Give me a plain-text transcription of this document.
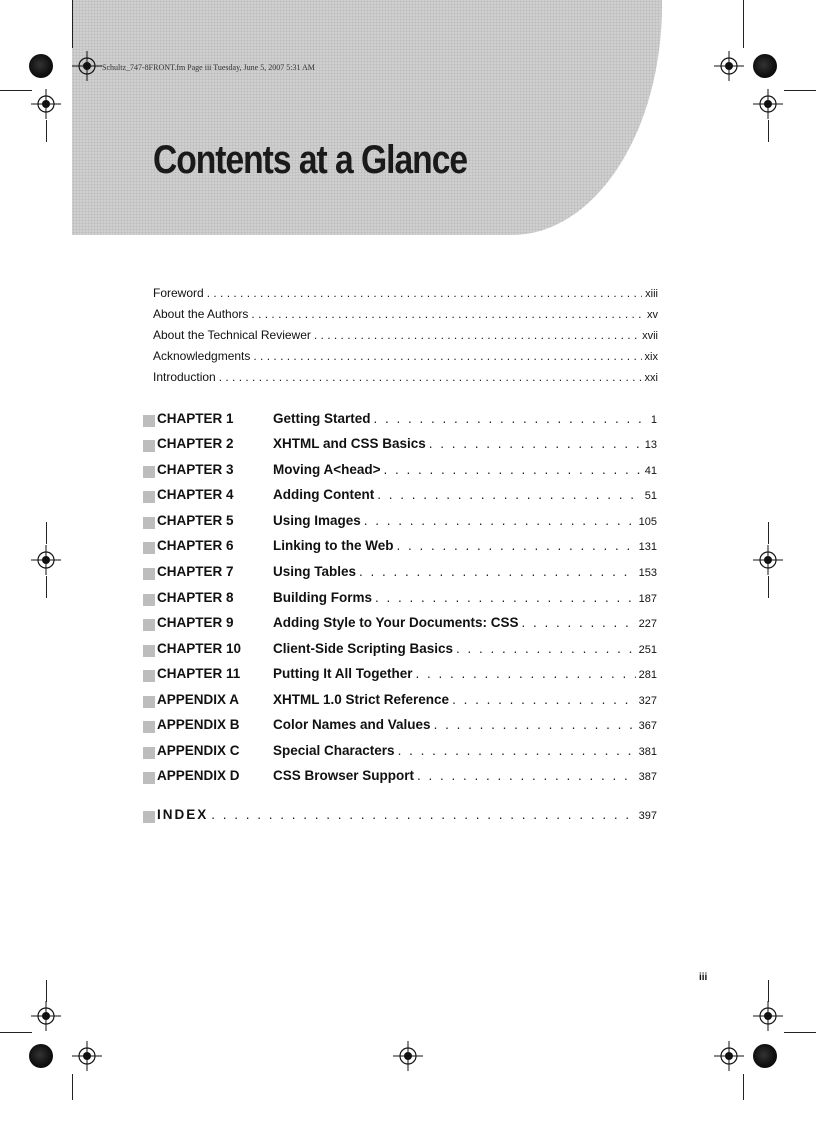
Schultz_747-8FRONT.fm Page iii Tuesday, June 5, 2007 5:31 AM
Contents at a Glance
Foreword . . .	xiii
About the Authors . . .	xv
About the Technical Reviewer . . .	xvii
Acknowledgments . . .	xix
Introduction . . .	xxi
CHAPTER 1	Getting Started . . .	1
CHAPTER 2	XHTML and CSS Basics . . .	13
CHAPTER 3	Moving A<head> . . .	41
CHAPTER 4	Adding Content . . .	51
CHAPTER 5	Using Images . . .	105
CHAPTER 6	Linking to the Web . . .	131
CHAPTER 7	Using Tables . . .	153
CHAPTER 8	Building Forms . . .	187
CHAPTER 9	Adding Style to Your Documents: CSS . . .	227
CHAPTER 10	Client-Side Scripting Basics . . .	251
CHAPTER 11	Putting It All Together . . .	281
APPENDIX A	XHTML 1.0 Strict Reference . . .	327
APPENDIX B	Color Names and Values . . .	367
APPENDIX C	Special Characters . . .	381
APPENDIX D	CSS Browser Support . . .	387
INDEX . . .	397
iii
